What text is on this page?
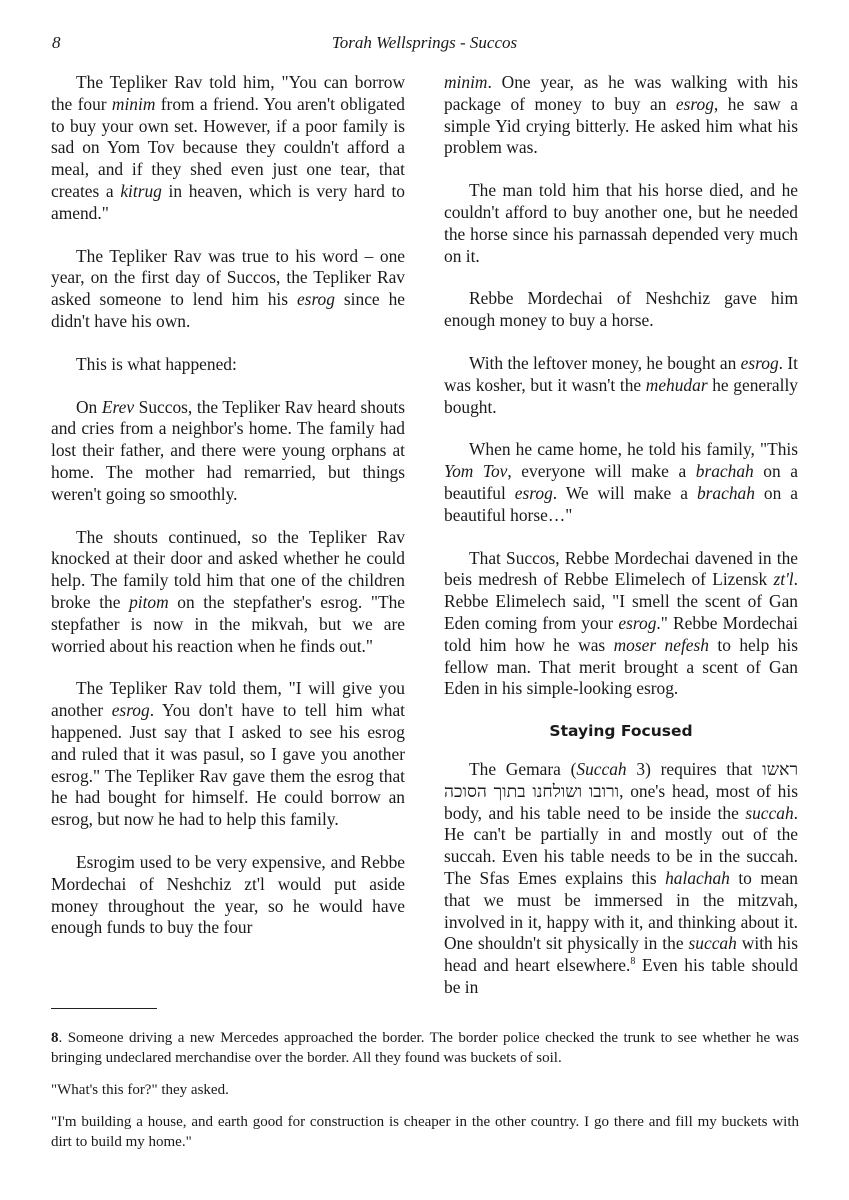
8	Torah Wellsprings - Succos

The Tepliker Rav told him, "You can borrow the four minim from a friend. You aren't obligated to buy your own set. However, if a poor family is sad on Yom Tov because they couldn't afford a meal, and if they shed even just one tear, that creates a kitrug in heaven, which is very hard to amend."

The Tepliker Rav was true to his word – one year, on the first day of Succos, the Tepliker Rav asked someone to lend him his esrog since he didn't have his own.

This is what happened:

On Erev Succos, the Tepliker Rav heard shouts and cries from a neighbor's home. The family had lost their father, and there were young orphans at home. The mother had remarried, but things weren't going so smoothly.

The shouts continued, so the Tepliker Rav knocked at their door and asked whether he could help. The family told him that one of the children broke the pitom on the stepfather's esrog. "The stepfather is now in the mikvah, but we are worried about his reaction when he finds out."

The Tepliker Rav told them, "I will give you another esrog. You don't have to tell him what happened. Just say that I asked to see his esrog and ruled that it was pasul, so I gave you another esrog." The Tepliker Rav gave them the esrog that he had bought for himself. He could borrow an esrog, but now he had to help this family.

Esrogim used to be very expensive, and Rebbe Mordechai of Neshchiz zt'l would put aside money throughout the year, so he would have enough funds to buy the four

minim. One year, as he was walking with his package of money to buy an esrog, he saw a simple Yid crying bitterly. He asked him what his problem was.

The man told him that his horse died, and he couldn't afford to buy another one, but he needed the horse since his parnassah depended very much on it.

Rebbe Mordechai of Neshchiz gave him enough money to buy a horse.

With the leftover money, he bought an esrog. It was kosher, but it wasn't the mehudar he generally bought.

When he came home, he told his family, "This Yom Tov, everyone will make a brachah on a beautiful esrog. We will make a brachah on a beautiful horse…"

That Succos, Rebbe Mordechai davened in the beis medresh of Rebbe Elimelech of Lizensk zt'l. Rebbe Elimelech said, "I smell the scent of Gan Eden coming from your esrog." Rebbe Mordechai told him how he was moser nefesh to help his fellow man. That merit brought a scent of Gan Eden in his simple-looking esrog.

Staying Focused

The Gemara (Succah 3) requires that ראשו ורובו ושולחנו בתוך הסוכה, one's head, most of his body, and his table need to be inside the succah. He can't be partially in and mostly out of the succah. Even his table needs to be in the succah. The Sfas Emes explains this halachah to mean that we must be immersed in the mitzvah, involved in it, happy with it, and thinking about it. One shouldn't sit physically in the succah with his head and heart elsewhere.$^8$ Even his table should be in

8. Someone driving a new Mercedes approached the border. The border police checked the trunk to see whether he was bringing undeclared merchandise over the border. All they found was buckets of soil.

"What's this for?" they asked.

"I'm building a house, and earth good for construction is cheaper in the other country. I go there and fill my buckets with dirt to build my home."
